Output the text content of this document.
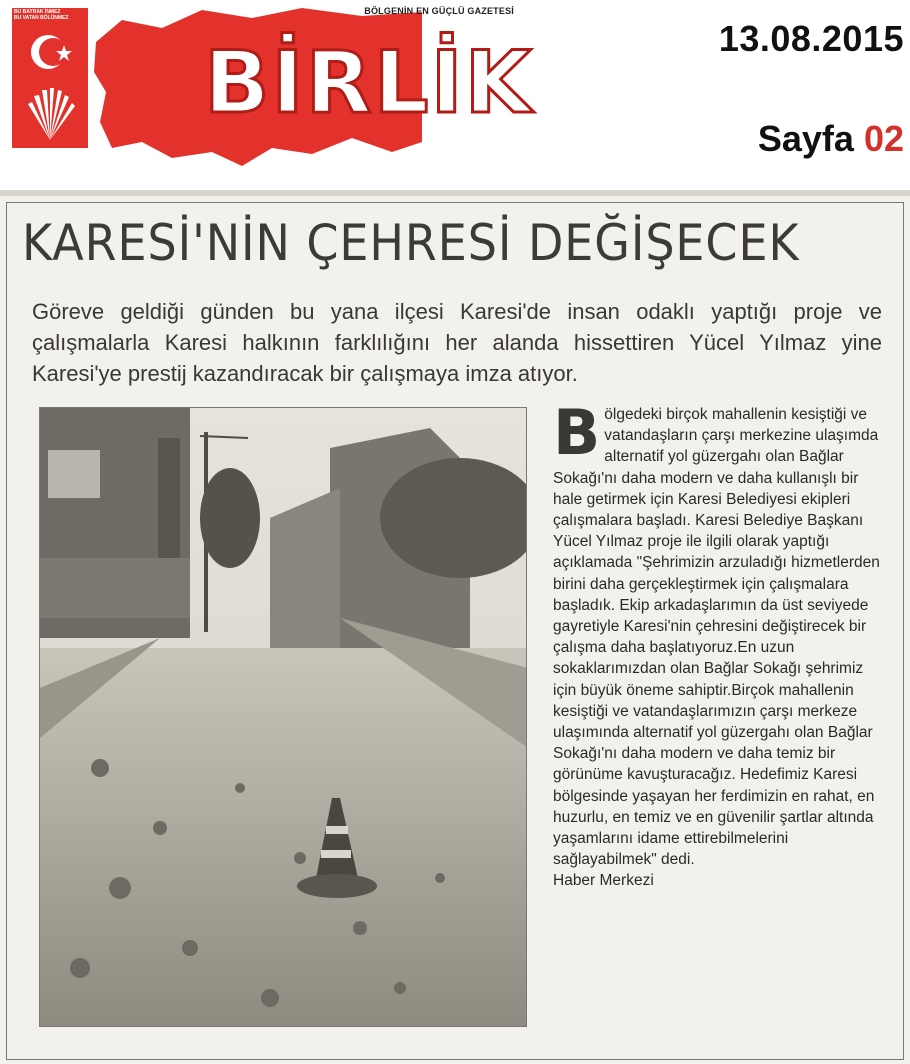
BU BAYRAK İNMEZ
BU VATAN BÖLÜNMEZ
BÖLGENİN EN GÜÇLÜ GAZETESİ
BİRLİK	13.08.2015
Sayfa 02
KARESİ'NİN ÇEHRESİ DEĞİŞECEK
Göreve geldiği günden bu yana ilçesi Karesi'de insan odaklı yaptığı proje ve çalışmalarla Karesi halkının farklılığını her alanda hissettiren Yücel Yılmaz yine Karesi'ye prestij kazandıracak bir çalışmaya imza atıyor.
B ölgedeki birçok mahallenin kesiştiği ve vatandaşların çarşı merkezine ulaşımda alternatif yol güzergahı olan Bağlar Sokağı'nı daha modern ve daha kullanışlı bir hale getirmek için Karesi Belediyesi ekipleri çalışmalara başladı. Karesi Belediye Başkanı Yücel Yılmaz proje ile ilgili olarak yaptığı açıklamada "Şehrimizin arzuladığı hizmetlerden birini daha gerçekleştirmek için çalışmalara başladık. Ekip arkadaşlarımın da üst seviyede gayretiyle Karesi'nin çehresini değiştirecek bir çalışma daha başlatıyoruz.En uzun sokaklarımızdan olan Bağlar Sokağı şehrimiz için büyük öneme sahiptir.Birçok mahallenin kesiştiği ve vatandaşlarımızın çarşı merkeze ulaşımında alternatif yol güzergahı olan Bağlar Sokağı'nı daha modern ve daha temiz bir görünüme kavuşturacağız. Hedefimiz Karesi bölgesinde yaşayan her ferdimizin en rahat, en huzurlu, en temiz ve en güvenilir şartlar altında yaşamlarını idame ettirebilmelerini sağlayabilmek" dedi.

Haber Merkezi
